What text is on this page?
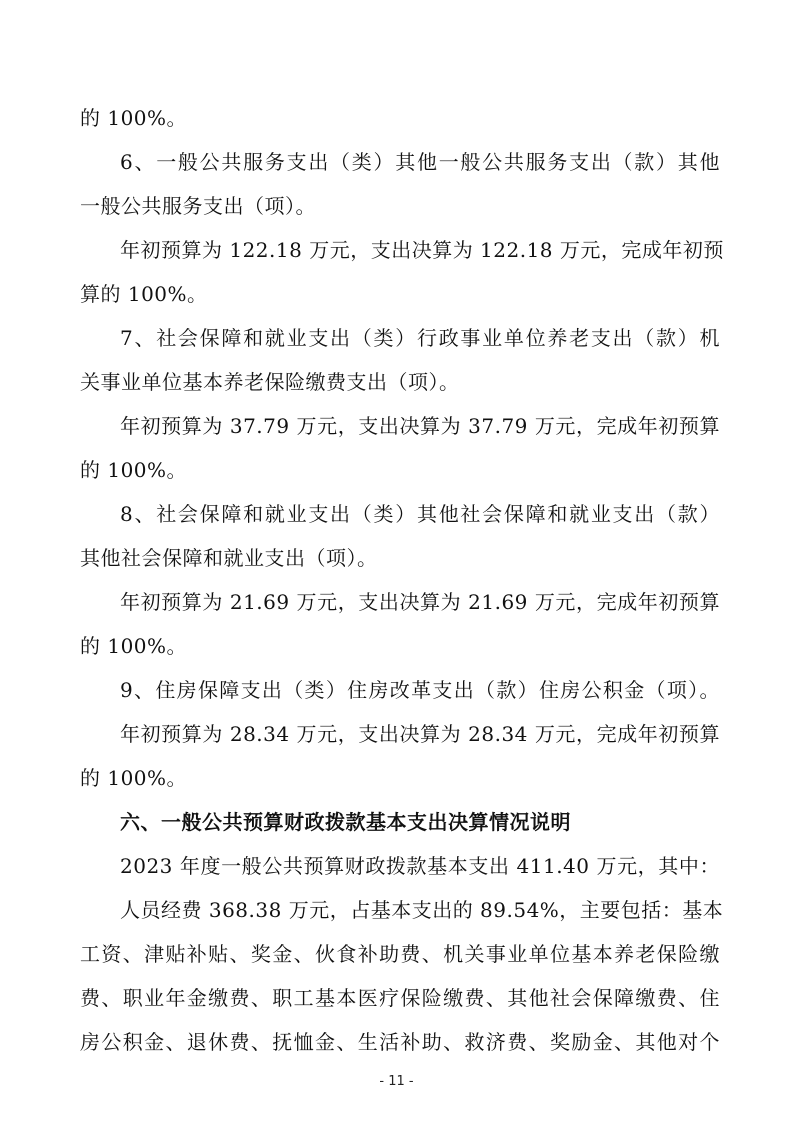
的 100%。
6、一般公共服务支出（类）其他一般公共服务支出（款）其他
一般公共服务支出（项）。
年初预算为 122.18 万元，支出决算为 122.18 万元，完成年初预
算的 100%。
7、社会保障和就业支出（类）行政事业单位养老支出（款）机
关事业单位基本养老保险缴费支出（项）。
年初预算为 37.79 万元，支出决算为 37.79 万元，完成年初预算
的 100%。
8、社会保障和就业支出（类）其他社会保障和就业支出（款）
其他社会保障和就业支出（项）。
年初预算为 21.69 万元，支出决算为 21.69 万元，完成年初预算
的 100%。
9、住房保障支出（类）住房改革支出（款）住房公积金（项）。
年初预算为 28.34 万元，支出决算为 28.34 万元，完成年初预算
的 100%。
六、一般公共预算财政拨款基本支出决算情况说明
2023 年度一般公共预算财政拨款基本支出 411.40 万元，其中：
人员经费 368.38 万元，占基本支出的 89.54%，主要包括：基本
工资、津贴补贴、奖金、伙食补助费、机关事业单位基本养老保险缴
费、职业年金缴费、职工基本医疗保险缴费、其他社会保障缴费、住
房公积金、退休费、抚恤金、生活补助、救济费、奖励金、其他对个
- 11 -
